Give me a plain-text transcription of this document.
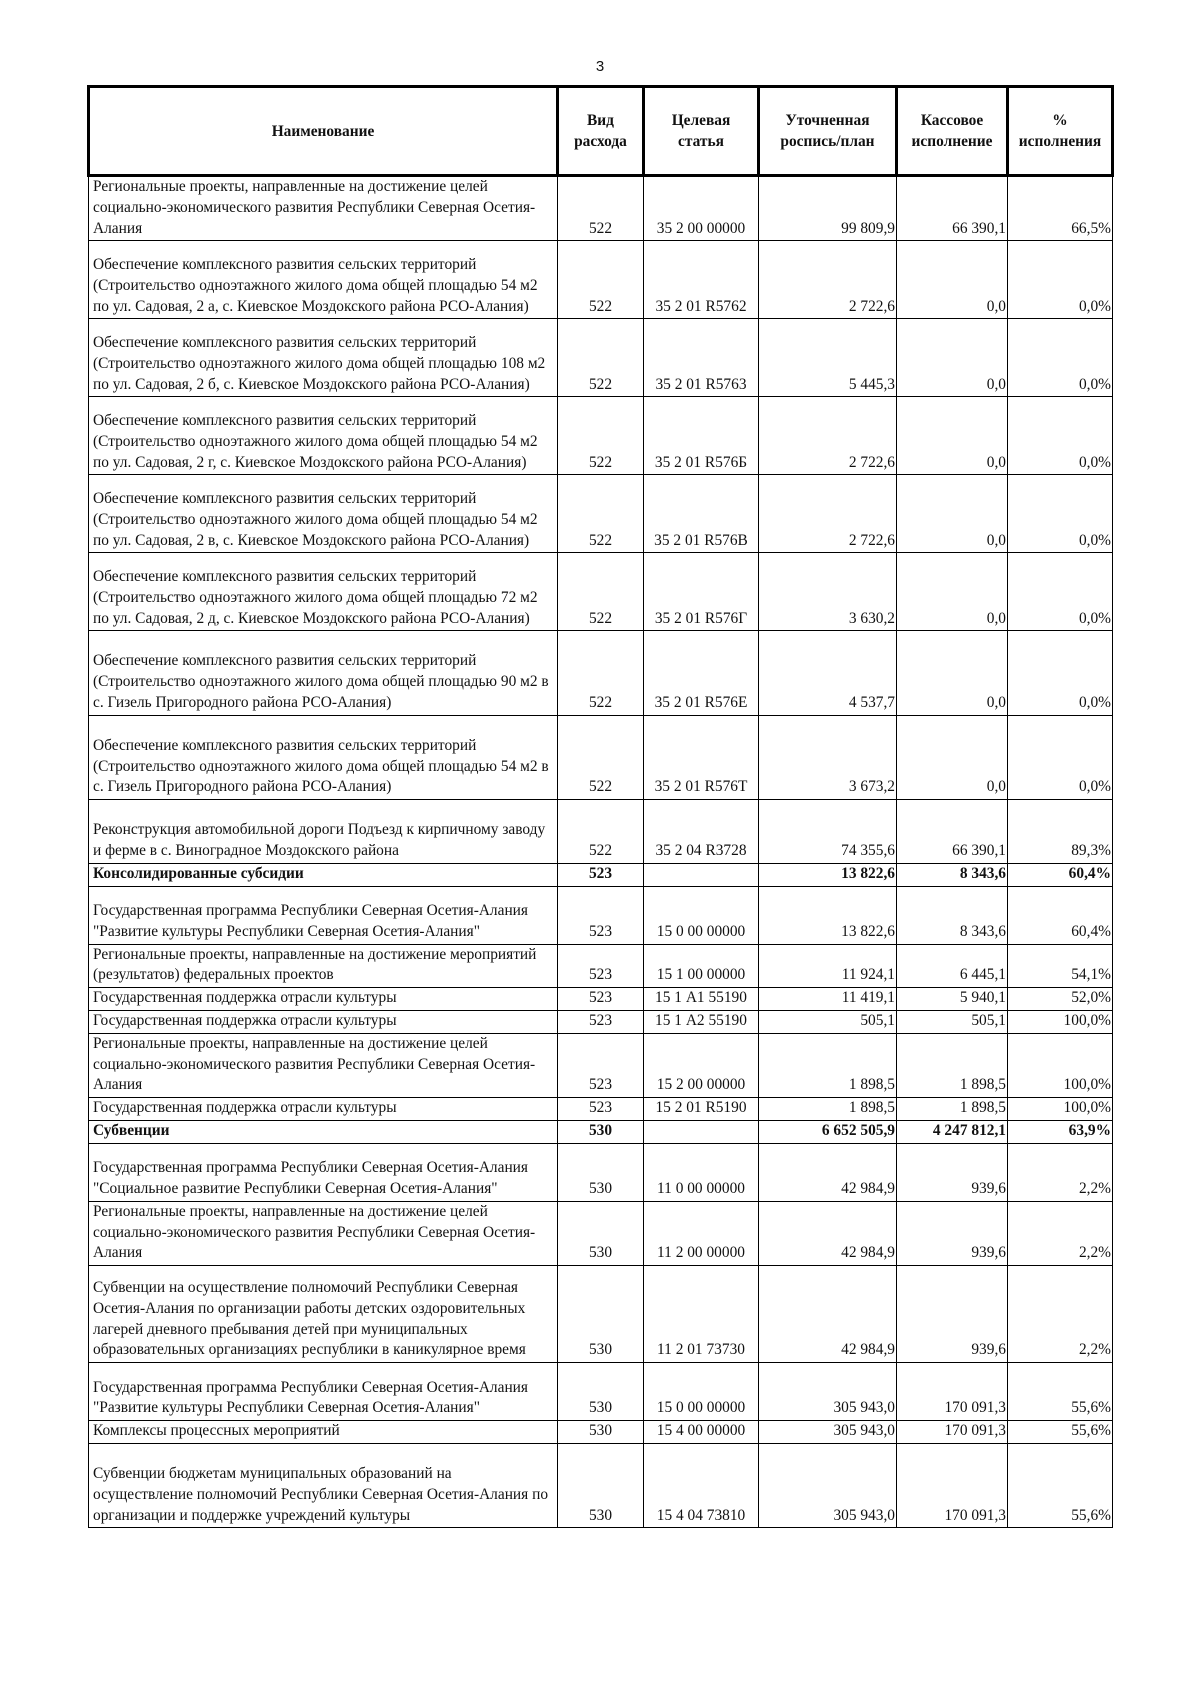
3
Наименование	Вид расхода	Целевая статья	Уточненная роспись/план	Кассовое исполнение	% исполнения
Региональные проекты, направленные на достижение целей социально-экономического развития Республики Северная Осетия-Алания	522	35 2 00 00000	99 809,9	66 390,1	66,5%
Обеспечение комплексного развития сельских территорий (Строительство одноэтажного жилого дома общей площадью 54 м2 по ул. Садовая, 2 а, с. Киевское Моздокского района РСО-Алания)	522	35 2 01 R5762	2 722,6	0,0	0,0%
Обеспечение комплексного развития сельских территорий (Строительство одноэтажного жилого дома общей площадью 108 м2 по ул. Садовая, 2 б, с. Киевское Моздокского района РСО-Алания)	522	35 2 01 R5763	5 445,3	0,0	0,0%
Обеспечение комплексного развития сельских территорий (Строительство одноэтажного жилого дома общей площадью 54 м2 по ул. Садовая, 2 г, с. Киевское Моздокского района РСО-Алания)	522	35 2 01 R576Б	2 722,6	0,0	0,0%
Обеспечение комплексного развития сельских территорий (Строительство одноэтажного жилого дома общей площадью 54 м2 по ул. Садовая, 2 в, с. Киевское Моздокского района РСО-Алания)	522	35 2 01 R576В	2 722,6	0,0	0,0%
Обеспечение комплексного развития сельских территорий (Строительство одноэтажного жилого дома общей площадью 72 м2 по ул. Садовая, 2 д, с. Киевское Моздокского района РСО-Алания)	522	35 2 01 R576Г	3 630,2	0,0	0,0%
Обеспечение комплексного развития сельских территорий (Строительство одноэтажного жилого дома общей площадью 90 м2 в с. Гизель Пригородного района РСО-Алания)	522	35 2 01 R576Е	4 537,7	0,0	0,0%
Обеспечение комплексного развития сельских территорий (Строительство одноэтажного жилого дома общей площадью 54 м2 в с. Гизель Пригородного района РСО-Алания)	522	35 2 01 R576Т	3 673,2	0,0	0,0%
Реконструкция автомобильной дороги Подъезд к кирпичному заводу и ферме в с. Виноградное Моздокского района	522	35 2 04 R3728	74 355,6	66 390,1	89,3%
Консолидированные субсидии	523		13 822,6	8 343,6	60,4%
Государственная программа Республики Северная Осетия-Алания "Развитие культуры Республики Северная Осетия-Алания"	523	15 0 00 00000	13 822,6	8 343,6	60,4%
Региональные проекты, направленные на достижение мероприятий (результатов) федеральных проектов	523	15 1 00 00000	11 924,1	6 445,1	54,1%
Государственная поддержка отрасли культуры	523	15 1 А1 55190	11 419,1	5 940,1	52,0%
Государственная поддержка отрасли культуры	523	15 1 А2 55190	505,1	505,1	100,0%
Региональные проекты, направленные на достижение целей социально-экономического развития Республики Северная Осетия-Алания	523	15 2 00 00000	1 898,5	1 898,5	100,0%
Государственная поддержка отрасли культуры	523	15 2 01 R5190	1 898,5	1 898,5	100,0%
Субвенции	530		6 652 505,9	4 247 812,1	63,9%
Государственная программа Республики Северная Осетия-Алания "Социальное развитие Республики Северная Осетия-Алания"	530	11 0 00 00000	42 984,9	939,6	2,2%
Региональные проекты, направленные на достижение целей социально-экономического развития Республики Северная Осетия-Алания	530	11 2 00 00000	42 984,9	939,6	2,2%
Субвенции на осуществление полномочий Республики Северная Осетия-Алания по организации работы детских оздоровительных лагерей дневного пребывания детей при муниципальных образовательных организациях республики в каникулярное время	530	11 2 01 73730	42 984,9	939,6	2,2%
Государственная программа Республики Северная Осетия-Алания "Развитие культуры Республики Северная Осетия-Алания"	530	15 0 00 00000	305 943,0	170 091,3	55,6%
Комплексы процессных мероприятий	530	15 4 00 00000	305 943,0	170 091,3	55,6%
Субвенции бюджетам муниципальных образований на осуществление полномочий Республики Северная Осетия-Алания по организации и поддержке учреждений культуры	530	15 4 04 73810	305 943,0	170 091,3	55,6%
